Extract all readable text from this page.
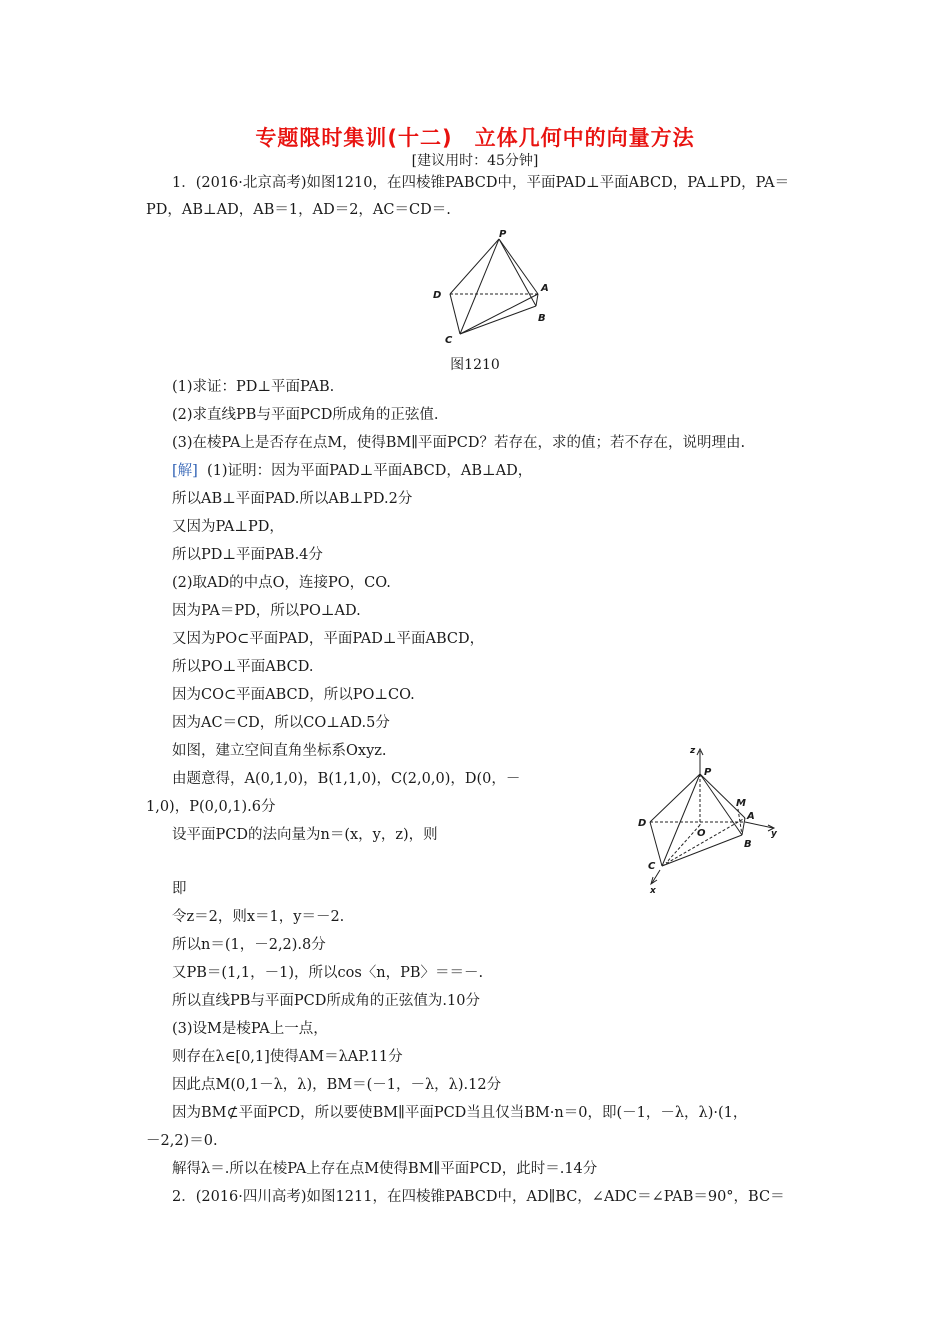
专题限时集训(十二)　立体几何中的向量方法
[建议用时：45分钟]
1．(2016·北京高考)如图1210，在四棱锥PABCD中，平面PAD⊥平面ABCD，PA⊥PD，PA＝
PD，AB⊥AD，AB＝1，AD＝2，AC＝CD＝.
P
D
A
B
C
图1210
(1)求证：PD⊥平面PAB.
(2)求直线PB与平面PCD所成角的正弦值.
(3)在棱PA上是否存在点M，使得BM∥平面PCD？若存在，求的值；若不存在，说明理由.
[解] (1)证明：因为平面PAD⊥平面ABCD，AB⊥AD，
所以AB⊥平面PAD.所以AB⊥PD.2分
又因为PA⊥PD，
所以PD⊥平面PAB.4分
(2)取AD的中点O，连接PO，CO.
因为PA＝PD，所以PO⊥AD.
又因为PO⊂平面PAD，平面PAD⊥平面ABCD，
所以PO⊥平面ABCD.
因为CO⊂平面ABCD，所以PO⊥CO.
因为AC＝CD，所以CO⊥AD.5分
如图，建立空间直角坐标系Oxyz.
由题意得，A(0,1,0)，B(1,1,0)，C(2,0,0)，D(0，－
1,0)，P(0,0,1).6分
设平面PCD的法向量为n＝(x，y，z)，则
即
令z＝2，则x＝1，y＝－2.
所以n＝(1，－2,2).8分
又PB＝(1,1，－1)，所以cos〈n，PB〉＝＝－.
所以直线PB与平面PCD所成角的正弦值为.10分
(3)设M是棱PA上一点，
则存在λ∈[0,1]使得AM＝λAP.11分
因此点M(0,1－λ，λ)，BM＝(－1，－λ，λ).12分
因为BM⊄平面PCD，所以要使BM∥平面PCD当且仅当BM·n＝0，即(－1，－λ，λ)·(1，
－2,2)＝0.
解得λ＝.所以在棱PA上存在点M使得BM∥平面PCD，此时＝.14分
z
P
M
A
D
O	y
B
C
x
2．(2016·四川高考)如图1211，在四棱锥PABCD中，AD∥BC，∠ADC＝∠PAB＝90°，BC＝
